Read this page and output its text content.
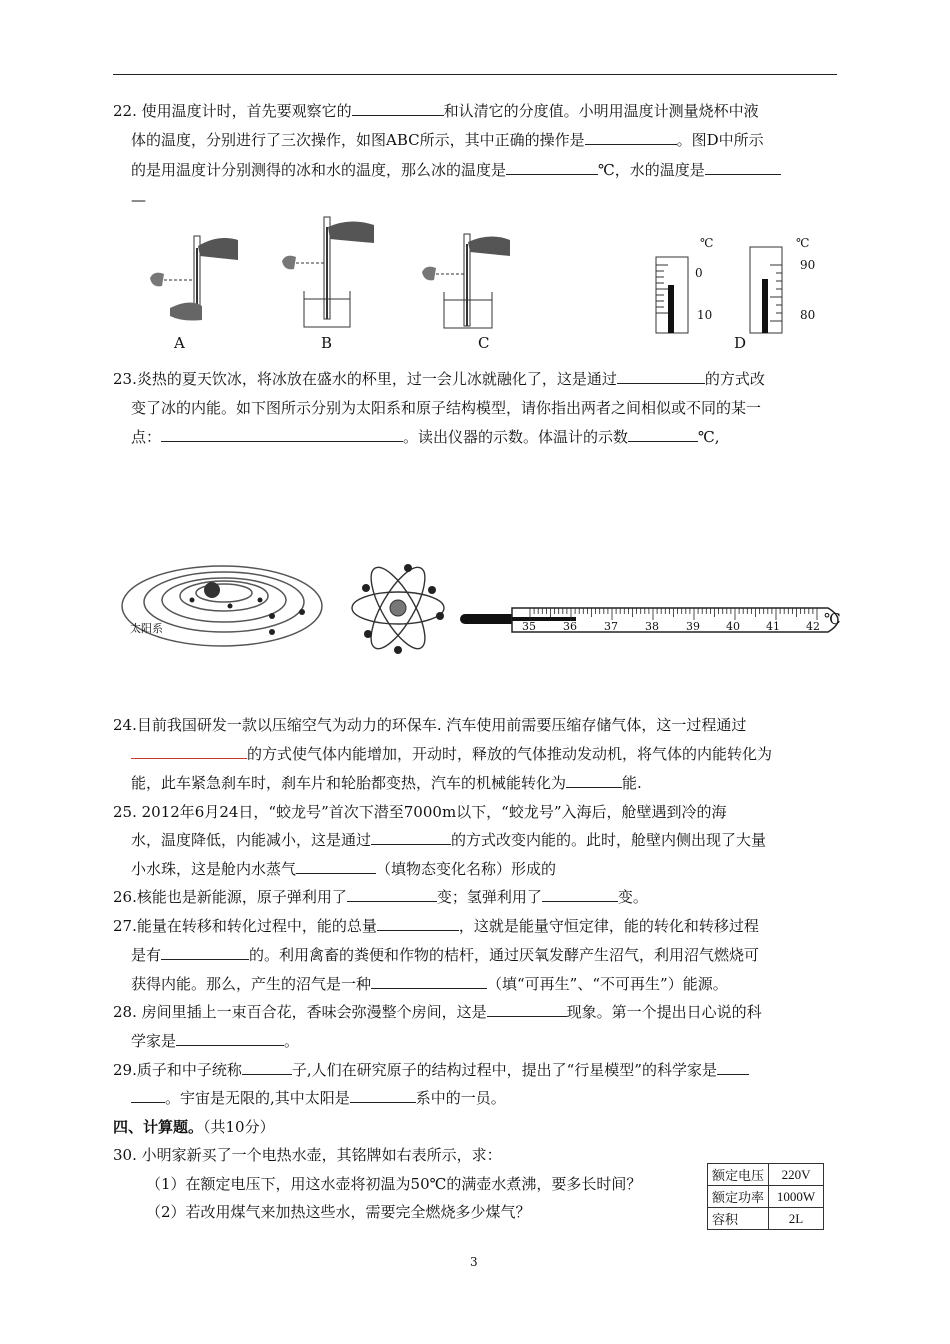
22. 使用温度计时，首先要观察它的	和认清它的分度值。小明用温度计测量烧杯中液
体的温度，分别进行了三次操作，如图ABC所示，其中正确的操作是	。图D中所示
的是用温度计分别测得的冰和水的温度，那么冰的温度是	℃，水的温度是
—
A	B	C
℃
0
10
℃
90
80
D
23.炎热的夏天饮冰，将冰放在盛水的杯里，过一会儿冰就融化了，这是通过	的方式改
变了冰的内能。如下图所示分别为太阳系和原子结构模型，请你指出两者之间相似或不同的某一
点：	。读出仪器的示数。体温计的示数	℃,
太阳系	35 36 37 38 39 40 41 42 ℃
24.目前我国研发一款以压缩空气为动力的环保车. 汽车使用前需要压缩存储气体，这一过程通过
的方式使气体内能增加，开动时，释放的气体推动发动机，将气体的内能转化为
能，此车紧急刹车时，刹车片和轮胎都变热，汽车的机械能转化为	能.
25. 2012年6月24日，“蛟龙号”首次下潜至7000m以下，“蛟龙号”入海后，舱壁遇到冷的海
水，温度降低，内能减小，这是通过	的方式改变内能的。此时，舱壁内侧出现了大量
小水珠，这是舱内水蒸气	（填物态变化名称）形成的
26.核能也是新能源，原子弹利用了	变；氢弹利用了	变。
27.能量在转移和转化过程中，能的总量	，这就是能量守恒定律，能的转化和转移过程
是有	的。利用禽畜的粪便和作物的桔杆，通过厌氧发酵产生沼气，利用沼气燃烧可
获得内能。那么，产生的沼气是一种	（填“可再生”、“不可再生”）能源。
28. 房间里插上一束百合花，香味会弥漫整个房间，这是	现象。第一个提出日心说的科
学家是	。
29.质子和中子统称	子,人们在研究原子的结构过程中，提出了“行星模型”的科学家是
。宇宙是无限的,其中太阳是	系中的一员。
四、计算题。（共10分）
30. 小明家新买了一个电热水壶，其铭牌如右表所示，求：
（1）在额定电压下，用这水壶将初温为50℃的满壶水煮沸，要多长时间？
（2）若改用煤气来加热这些水，需要完全燃烧多少煤气？
额定电压	220V
额定功率	1000W
容积	2L
3
